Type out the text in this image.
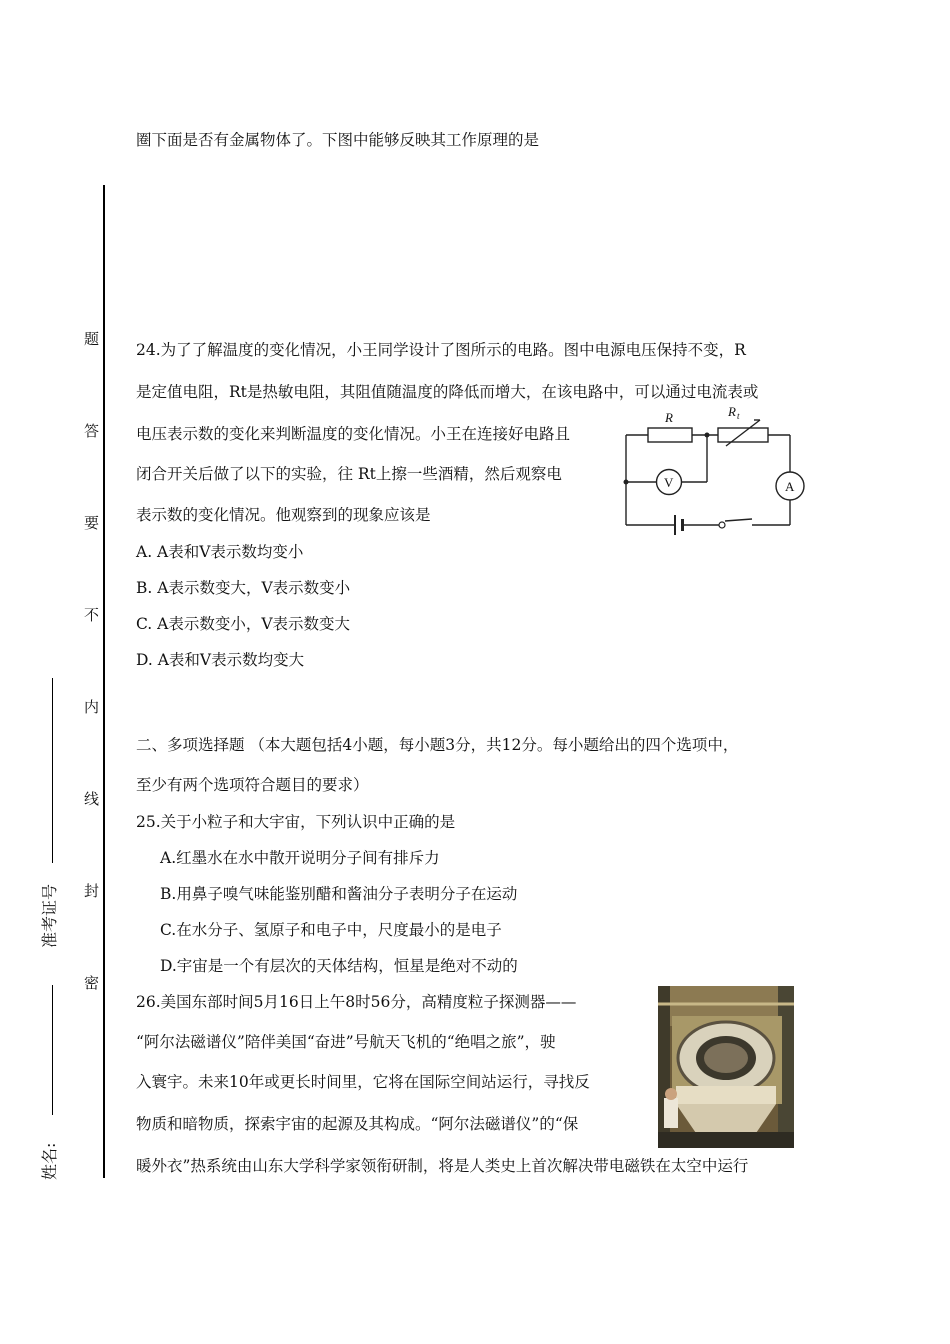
题
答
要
不
内
线
封
密
准考证号
姓名:
圈下面是否有金属物体了。下图中能够反映其工作原理的是
24.为了了解温度的变化情况，小王同学设计了图所示的电路。图中电源电压保持不变，R
是定值电阻，Rt是热敏电阻，其阻值随温度的降低而增大，在该电路中，可以通过电流表或
电压表示数的变化来判断温度的变化情况。小王在连接好电路且
闭合开关后做了以下的实验，往 Rt上擦一些酒精，然后观察电
表示数的变化情况。他观察到的现象应该是
A. A表和V表示数均变小
B. A表示数变大，V表示数变小
C. A表示数变小，V表示数变大
D. A表和V表示数均变大
R	R t
V	A
二、多项选择题 （本大题包括4小题，每小题3分，共12分。每小题给出的四个选项中，
至少有两个选项符合题目的要求）
25.关于小粒子和大宇宙，下列认识中正确的是
A.红墨水在水中散开说明分子间有排斥力
B.用鼻子嗅气味能鉴别醋和酱油分子表明分子在运动
C.在水分子、氢原子和电子中，尺度最小的是电子
D.宇宙是一个有层次的天体结构，恒星是绝对不动的
26.美国东部时间5月16日上午8时56分，高精度粒子探测器——
“阿尔法磁谱仪”陪伴美国“奋进”号航天飞机的“绝唱之旅”，驶
入寰宇。未来10年或更长时间里，它将在国际空间站运行，寻找反
物质和暗物质，探索宇宙的起源及其构成。“阿尔法磁谱仪”的“保
暖外衣”热系统由山东大学科学家领衔研制，将是人类史上首次解决带电磁铁在太空中运行
